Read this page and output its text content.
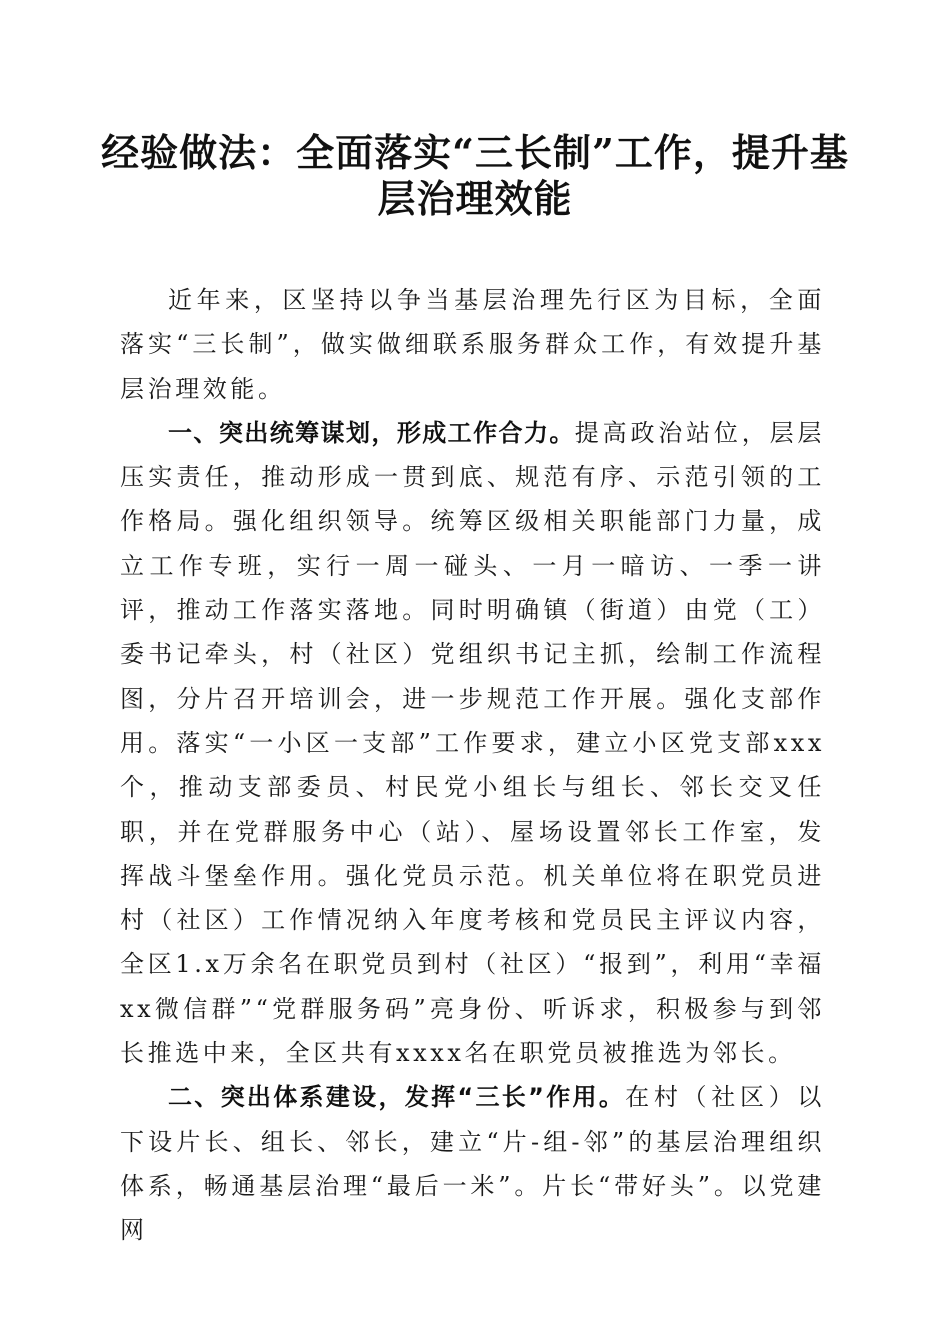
经验做法：全面落实“三长制”工作，提升基层治理效能

近年来，区坚持以争当基层治理先行区为目标，全面落实“三长制”，做实做细联系服务群众工作，有效提升基层治理效能。

一、突出统筹谋划，形成工作合力。提高政治站位，层层压实责任，推动形成一贯到底、规范有序、示范引领的工作格局。强化组织领导。统筹区级相关职能部门力量，成立工作专班，实行一周一碰头、一月一暗访、一季一讲评，推动工作落实落地。同时明确镇（街道）由党（工）委书记牵头，村（社区）党组织书记主抓，绘制工作流程图，分片召开培训会，进一步规范工作开展。强化支部作用。落实“一小区一支部”工作要求，建立小区党支部xxx个，推动支部委员、村民党小组长与组长、邻长交叉任职，并在党群服务中心（站）、屋场设置邻长工作室，发挥战斗堡垒作用。强化党员示范。机关单位将在职党员进村（社区）工作情况纳入年度考核和党员民主评议内容，全区1.x万余名在职党员到村（社区）“报到”，利用“幸福xx微信群”“党群服务码”亮身份、听诉求，积极参与到邻长推选中来，全区共有xxxx名在职党员被推选为邻长。

二、突出体系建设，发挥“三长”作用。在村（社区）以下设片长、组长、邻长，建立“片-组-邻”的基层治理组织体系，畅通基层治理“最后一米”。片长“带好头”。以党建网
